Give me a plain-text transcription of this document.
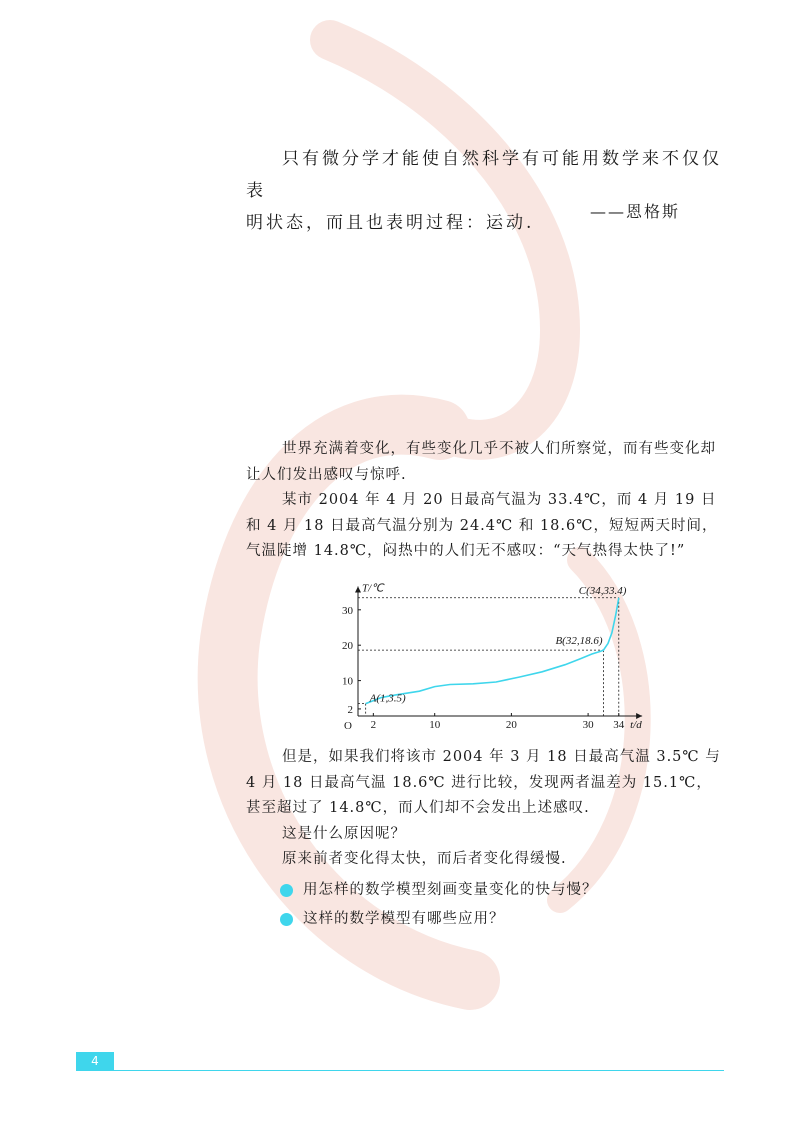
只有微分学才能使自然科学有可能用数学来不仅仅表

明状态，而且也表明过程：运动.

——恩格斯

世界充满着变化，有些变化几乎不被人们所察觉，而有些变化却让人们发出感叹与惊呼.

某市 2004 年 4 月 20 日最高气温为 33.4℃，而 4 月 19 日和 4 月 18 日最高气温分别为 24.4℃ 和 18.6℃，短短两天时间，气温陡增 14.8℃，闷热中的人们无不感叹：“天气热得太快了!”

2	10	20	30 34
2
10
20
30
O	t/d
T/℃
A(1,3.5)
B(32,18.6)
C(34,33.4)

但是，如果我们将该市 2004 年 3 月 18 日最高气温 3.5℃ 与 4 月 18 日最高气温 18.6℃ 进行比较，发现两者温差为 15.1℃，甚至超过了 14.8℃，而人们却不会发出上述感叹.

这是什么原因呢？

原来前者变化得太快，而后者变化得缓慢.

用怎样的数学模型刻画变量变化的快与慢？
这样的数学模型有哪些应用？
4
